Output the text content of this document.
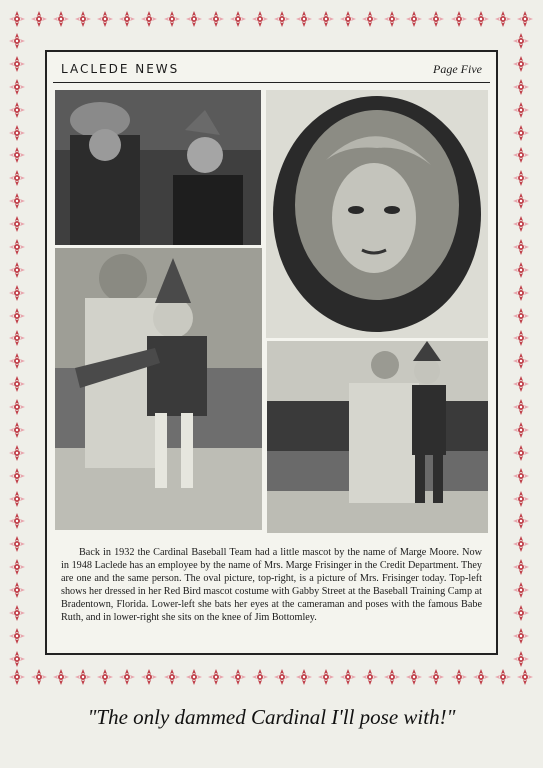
LACLEDE NEWS	Page Five
Back in 1932 the Cardinal Baseball Team had a little mascot by the name of Marge Moore. Now in 1948 Laclede has an employee by the name of Mrs. Marge Frisinger in the Credit Department. They are one and the same person. The oval picture, top-right, is a picture of Mrs. Frisinger today. Top-left shows her dressed in her Red Bird mascot costume with Gabby Street at the Baseball Training Camp at Bradentown, Florida. Lower-left she bats her eyes at the cameraman and poses with the famous Babe Ruth, and in lower-right she sits on the knee of Jim Bottomley.
"The only dammed Cardinal I'll pose with!"
